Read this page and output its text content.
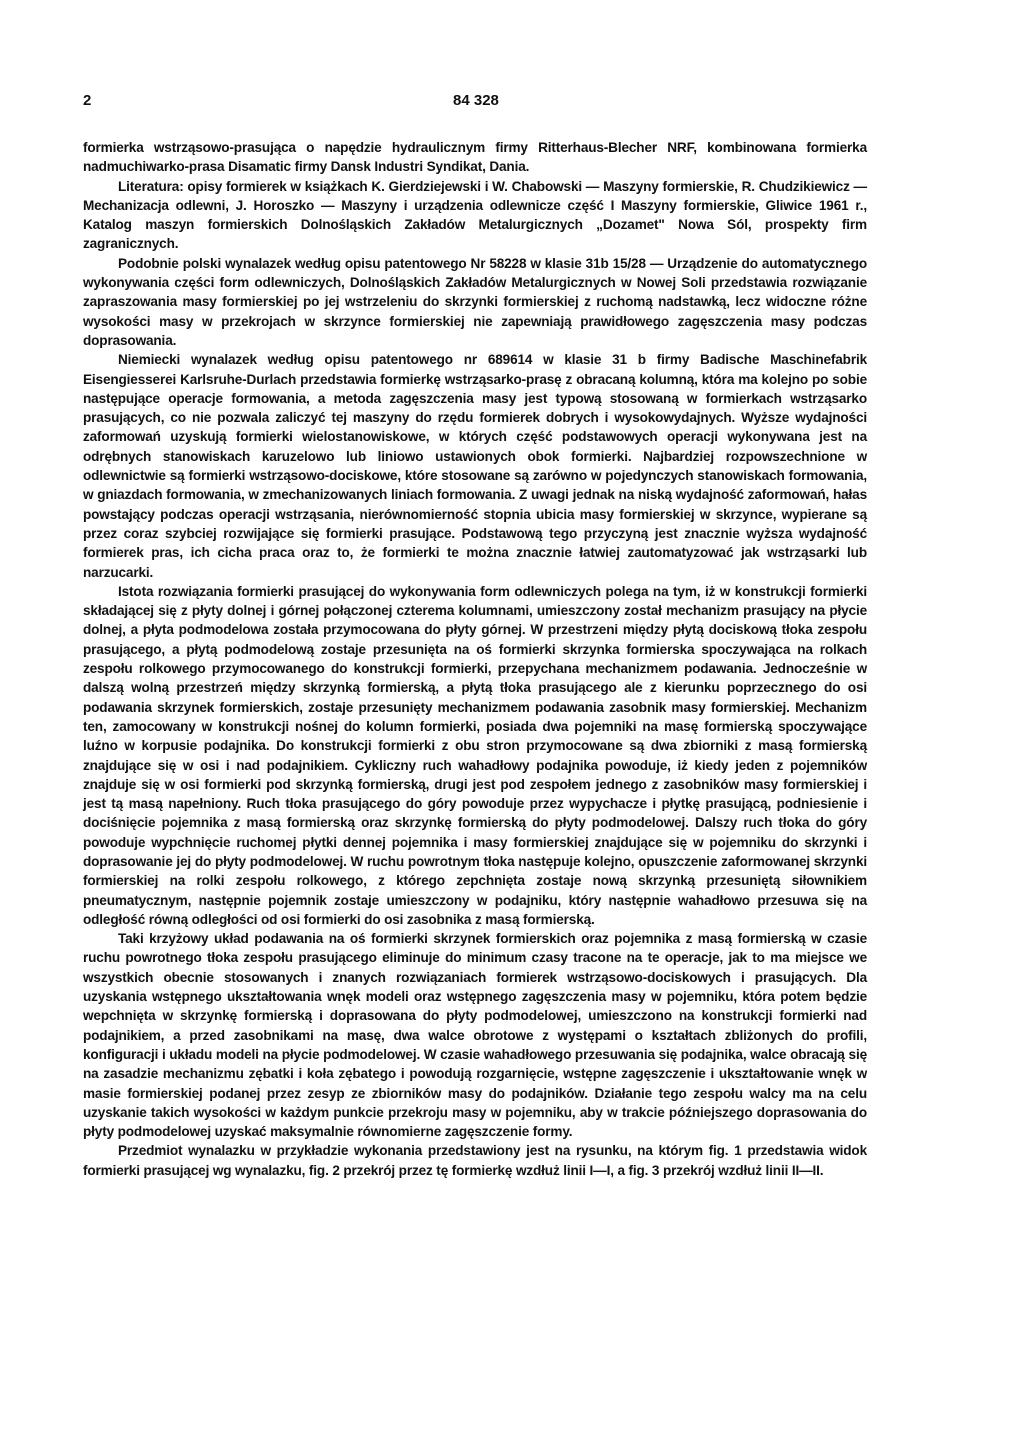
2	84 328

formierka wstrząsowo-prasująca o napędzie hydraulicznym firmy Ritterhaus-Blecher NRF, kombinowana formierka nadmuchiwarko-prasa Disamatic firmy Dansk Industri Syndikat, Dania.

Literatura: opisy formierek w książkach K. Gierdziejewski i W. Chabowski — Maszyny formierskie, R. Chudzikiewicz — Mechanizacja odlewni, J. Horoszko — Maszyny i urządzenia odlewnicze część I Maszyny formierskie, Gliwice 1961 r., Katalog maszyn formierskich Dolnośląskich Zakładów Metalurgicznych „Dozamet" Nowa Sól, prospekty firm zagranicznych.

Podobnie polski wynalazek według opisu patentowego Nr 58228 w klasie 31b 15/28 — Urządzenie do automatycznego wykonywania części form odlewniczych, Dolnośląskich Zakładów Metalurgicznych w Nowej Soli przedstawia rozwiązanie zapraszowania masy formierskiej po jej wstrzeleniu do skrzynki formierskiej z ruchomą nadstawką, lecz widoczne różne wysokości masy w przekrojach w skrzynce formierskiej nie zapewniają prawidłowego zagęszczenia masy podczas doprasowania.

Niemiecki wynalazek według opisu patentowego nr 689614 w klasie 31 b firmy Badische Maschinefabrik Eisengiesserei Karlsruhe-Durlach przedstawia formierkę wstrząsarko-prasę z obracaną kolumną, która ma kolejno po sobie następujące operacje formowania, a metoda zagęszczenia masy jest typową stosowaną w formierkach wstrząsarko prasujących, co nie pozwala zaliczyć tej maszyny do rzędu formierek dobrych i wysokowydajnych. Wyższe wydajności zaformowań uzyskują formierki wielostanowiskowe, w których część podstawowych operacji wykonywana jest na odrębnych stanowiskach karuzelowo lub liniowo ustawionych obok formierki. Najbardziej rozpowszechnione w odlewnictwie są formierki wstrząsowo-dociskowe, które stosowane są zarówno w pojedynczych stanowiskach formowania, w gniazdach formowania, w zmechanizowanych liniach formowania. Z uwagi jednak na niską wydajność zaformowań, hałas powstający podczas operacji wstrząsania, nierównomierność stopnia ubicia masy formierskiej w skrzynce, wypierane są przez coraz szybciej rozwijające się formierki prasujące. Podstawową tego przyczyną jest znacznie wyższa wydajność formierek pras, ich cicha praca oraz to, że formierki te można znacznie łatwiej zautomatyzować jak wstrząsarki lub narzucarki.

Istota rozwiązania formierki prasującej do wykonywania form odlewniczych polega na tym, iż w konstrukcji formierki składającej się z płyty dolnej i górnej połączonej czterema kolumnami, umieszczony został mechanizm prasujący na płycie dolnej, a płyta podmodelowa została przymocowana do płyty górnej. W przestrzeni między płytą dociskową tłoka zespołu prasującego, a płytą podmodelową zostaje przesunięta na oś formierki skrzynka formierska spoczywająca na rolkach zespołu rolkowego przymocowanego do konstrukcji formierki, przepychana mechanizmem podawania. Jednocześnie w dalszą wolną przestrzeń między skrzynką formierską, a płytą tłoka prasującego ale z kierunku poprzecznego do osi podawania skrzynek formierskich, zostaje przesunięty mechanizmem podawania zasobnik masy formierskiej. Mechanizm ten, zamocowany w konstrukcji nośnej do kolumn formierki, posiada dwa pojemniki na masę formierską spoczywające luźno w korpusie podajnika. Do konstrukcji formierki z obu stron przymocowane są dwa zbiorniki z masą formierską znajdujące się w osi i nad podajnikiem. Cykliczny ruch wahadłowy podajnika powoduje, iż kiedy jeden z pojemników znajduje się w osi formierki pod skrzynką formierską, drugi jest pod zespołem jednego z zasobników masy formierskiej i jest tą masą napełniony. Ruch tłoka prasującego do góry powoduje przez wypychacze i płytkę prasującą, podniesienie i dociśnięcie pojemnika z masą formierską oraz skrzynkę formierską do płyty podmodelowej. Dalszy ruch tłoka do góry powoduje wypchnięcie ruchomej płytki dennej pojemnika i masy formierskiej znajdujące się w pojemniku do skrzynki i doprasowanie jej do płyty podmodelowej. W ruchu powrotnym tłoka następuje kolejno, opuszczenie zaformowanej skrzynki formierskiej na rolki zespołu rolkowego, z którego zepchnięta zostaje nową skrzynką przesuniętą siłownikiem pneumatycznym, następnie pojemnik zostaje umieszczony w podajniku, który następnie wahadłowo przesuwa się na odległość równą odległości od osi formierki do osi zasobnika z masą formierską.

Taki krzyżowy układ podawania na oś formierki skrzynek formierskich oraz pojemnika z masą formierską w czasie ruchu powrotnego tłoka zespołu prasującego eliminuje do minimum czasy tracone na te operacje, jak to ma miejsce we wszystkich obecnie stosowanych i znanych rozwiązaniach formierek wstrząsowo-dociskowych i prasujących. Dla uzyskania wstępnego ukształtowania wnęk modeli oraz wstępnego zagęszczenia masy w pojemniku, która potem będzie wepchnięta w skrzynkę formierską i doprasowana do płyty podmodelowej, umieszczono na konstrukcji formierki nad podajnikiem, a przed zasobnikami na masę, dwa walce obrotowe z występami o kształtach zbliżonych do profili, konfiguracji i układu modeli na płycie podmodelowej. W czasie wahadłowego przesuwania się podajnika, walce obracają się na zasadzie mechanizmu zębatki i koła zębatego i powodują rozgarnięcie, wstępne zagęszczenie i ukształtowanie wnęk w masie formierskiej podanej przez zesyp ze zbiorników masy do podajników. Działanie tego zespołu walcy ma na celu uzyskanie takich wysokości w każdym punkcie przekroju masy w pojemniku, aby w trakcie późniejszego doprasowania do płyty podmodelowej uzyskać maksymalnie równomierne zagęszczenie formy.

Przedmiot wynalazku w przykładzie wykonania przedstawiony jest na rysunku, na którym fig. 1 przedstawia widok formierki prasującej wg wynalazku, fig. 2 przekrój przez tę formierkę wzdłuż linii I—I, a fig. 3 przekrój wzdłuż linii II—II.
